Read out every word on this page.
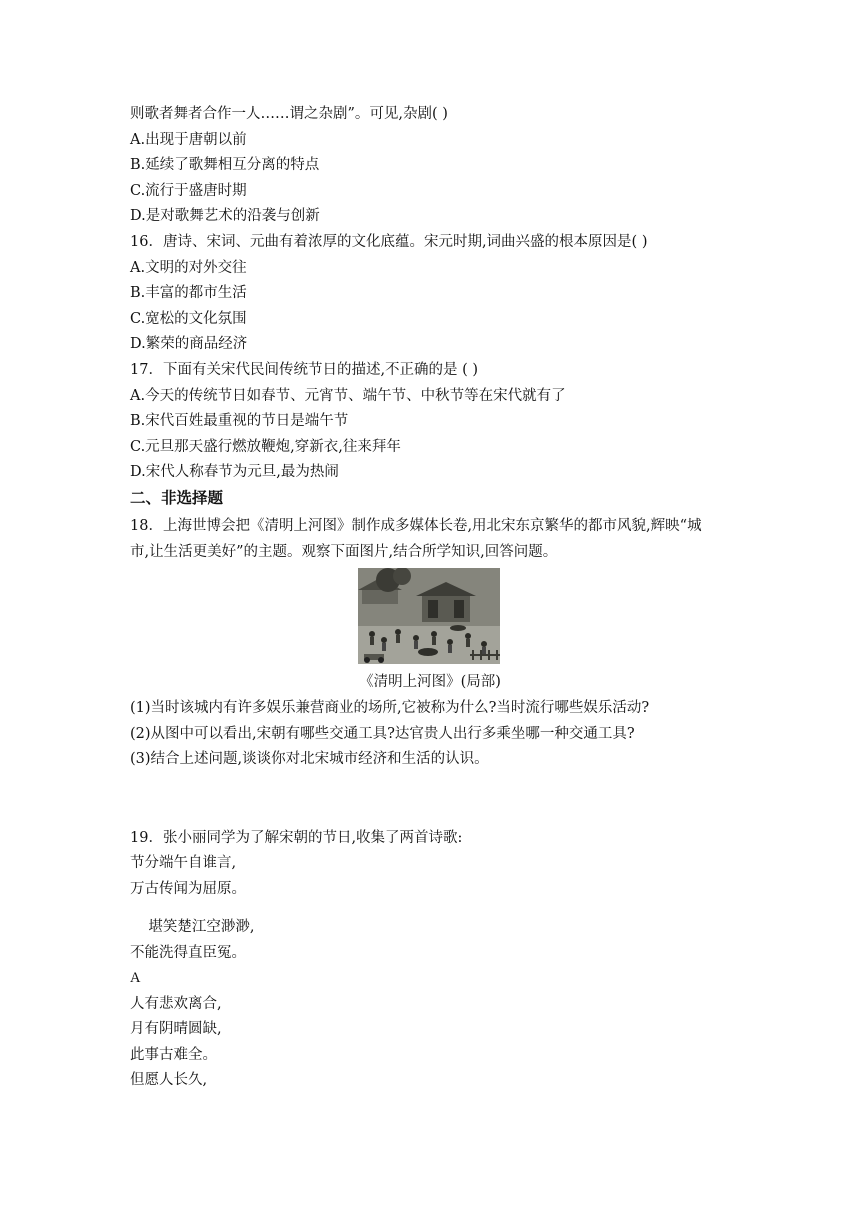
则歌者舞者合作一人……谓之杂剧”。可见,杂剧( )
A.出现于唐朝以前
B.延续了歌舞相互分离的特点
C.流行于盛唐时期
D.是对歌舞艺术的沿袭与创新
16．唐诗、宋词、元曲有着浓厚的文化底蕴。宋元时期,词曲兴盛的根本原因是( )
A.文明的对外交往
B.丰富的都市生活
C.宽松的文化氛围
D.繁荣的商品经济
17．下面有关宋代民间传统节日的描述,不正确的是 ( )
A.今天的传统节日如春节、元宵节、端午节、中秋节等在宋代就有了
B.宋代百姓最重视的节日是端午节
C.元旦那天盛行燃放鞭炮,穿新衣,往来拜年
D.宋代人称春节为元旦,最为热闹
二、非选择题
18．上海世博会把《清明上河图》制作成多媒体长卷,用北宋东京繁华的都市风貌,辉映“城
市,让生活更美好”的主题。观察下面图片,结合所学知识,回答问题。
《清明上河图》(局部)
(1)当时该城内有许多娱乐兼营商业的场所,它被称为什么?当时流行哪些娱乐活动?
(2)从图中可以看出,宋朝有哪些交通工具?达官贵人出行多乘坐哪一种交通工具?
(3)结合上述问题,谈谈你对北宋城市经济和生活的认识。
19．张小丽同学为了解宋朝的节日,收集了两首诗歌:
节分端午自谁言,
万古传闻为屈原。
堪笑楚江空渺渺,
不能洗得直臣冤。
A
人有悲欢离合,
月有阴晴圆缺,
此事古难全。
但愿人长久,
